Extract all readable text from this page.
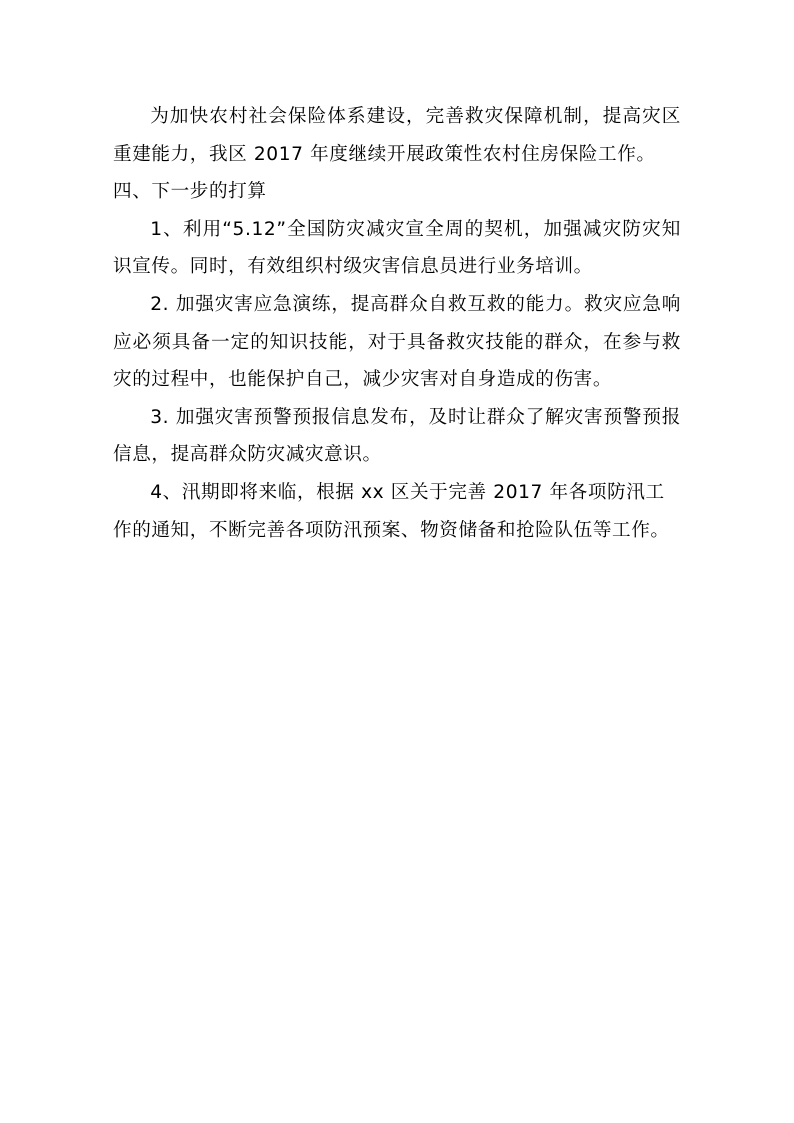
为加快农村社会保险体系建设，完善救灾保障机制，提高灾区重建能力，我区 2017 年度继续开展政策性农村住房保险工作。

四、下一步的打算

1、利用“5.12”全国防灾减灾宣全周的契机，加强减灾防灾知识宣传。同时，有效组织村级灾害信息员进行业务培训。

2. 加强灾害应急演练，提高群众自救互救的能力。救灾应急响应必须具备一定的知识技能，对于具备救灾技能的群众，在参与救灾的过程中，也能保护自己，减少灾害对自身造成的伤害。

3. 加强灾害预警预报信息发布，及时让群众了解灾害预警预报信息，提高群众防灾减灾意识。

4、汛期即将来临，根据 xx 区关于完善 2017 年各项防汛工作的通知，不断完善各项防汛预案、物资储备和抢险队伍等工作。
